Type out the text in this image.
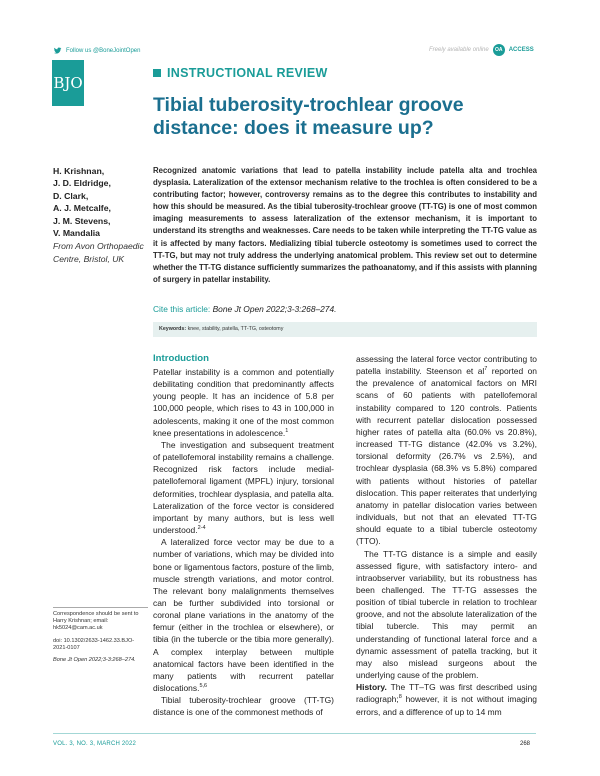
Follow us @BoneJointOpen	Freely available online	OA	ACCESS
BJO
INSTRUCTIONAL REVIEW
Tibial tuberosity-trochlear groove
distance: does it measure up?
H. Krishnan,
J. D. Eldridge,
D. Clark,
A. J. Metcalfe,
J. M. Stevens,
V. Mandalia
From Avon Orthopaedic
Centre, Bristol, UK

Recognized anatomic variations that lead to patella instability include patella alta and trochlea dysplasia. Lateralization of the extensor mechanism relative to the trochlea is often considered to be a contributing factor; however, controversy remains as to the degree this contributes to instability and how this should be measured. As the tibial tuberosity-trochlear groove (TT-TG) is one of most common imaging measurements to assess lateralization of the extensor mechanism, it is important to understand its strengths and weaknesses. Care needs to be taken while interpreting the TT-TG value as it is affected by many factors. Medializing tibial tubercle osteotomy is sometimes used to correct the TT-TG, but may not truly address the underlying anatomical problem. This review set out to determine whether the TT-TG distance sufficiently summarizes the pathoanatomy, and if this assists with planning of surgery in patellar instability.

Cite this article: Bone Jt Open 2022;3-3:268–274.
Keywords: knee, stability, patella, TT-TG, osteotomy
Correspondence should be sent to Harry Krishnan; email: hk5024@cam.ac.uk
doi: 10.1302/2633-1462.33.BJO-2021-0107
Bone Jt Open 2022;3-3:268–274.
Introduction

Patellar instability is a common and potentially debilitating condition that predominantly affects young people. It has an incidence of 5.8 per 100,000 people, which rises to 43 in 100,000 in adolescents, making it one of the most common knee presentations in adolescence.$^1$

The investigation and subsequent treatment of patellofemoral instability remains a challenge. Recognized risk factors include medial-patellofemoral ligament (MPFL) injury, torsional deformities, trochlear dysplasia, and patella alta. Lateralization of the force vector is considered important by many authors, but is less well understood.$^{2-4}$

A lateralized force vector may be due to a number of variations, which may be divided into bone or ligamentous factors, posture of the limb, muscle strength variations, and motor control. The relevant bony malalignments themselves can be further subdivided into torsional or coronal plane variations in the anatomy of the femur (either in the trochlea or elsewhere), or tibia (in the tubercle or the tibia more generally). A complex interplay between multiple anatomical factors have been identified in the many patients with recurrent patellar dislocations.$^{5,6}$

Tibial tuberosity-trochlear groove (TT-TG) distance is one of the commonest methods of

assessing the lateral force vector contributing to patella instability. Steenson et $al^7$ reported on the prevalence of anatomical factors on MRI scans of 60 patients with patellofemoral instability compared to 120 controls. Patients with recurrent patellar dislocation possessed higher rates of patella alta (60.0% vs 20.8%), increased TT-TG distance (42.0% vs 3.2%), torsional deformity (26.7% vs 2.5%), and trochlear dysplasia (68.3% vs 5.8%) compared with patients without histories of patellar dislocation. This paper reiterates that underlying anatomy in patellar dislocation varies between individuals, but not that an elevated TT-TG should equate to a tibial tubercle osteotomy (TTO).

The TT-TG distance is a simple and easily assessed figure, with satisfactory intero- and intraobserver variability, but its robustness has been challenged. The TT-TG assesses the position of tibial tubercle in relation to trochlear groove, and not the absolute lateralization of the tibial tubercle. This may permit an understanding of functional lateral force and a dynamic assessment of patella tracking, but it may also mislead surgeons about the underlying cause of the problem.

History. The TT–TG was first described using radiograph;$^8$ however, it is not without imaging errors, and a difference of up to 14 mm

VOL. 3, NO. 3, MARCH 2022	268
